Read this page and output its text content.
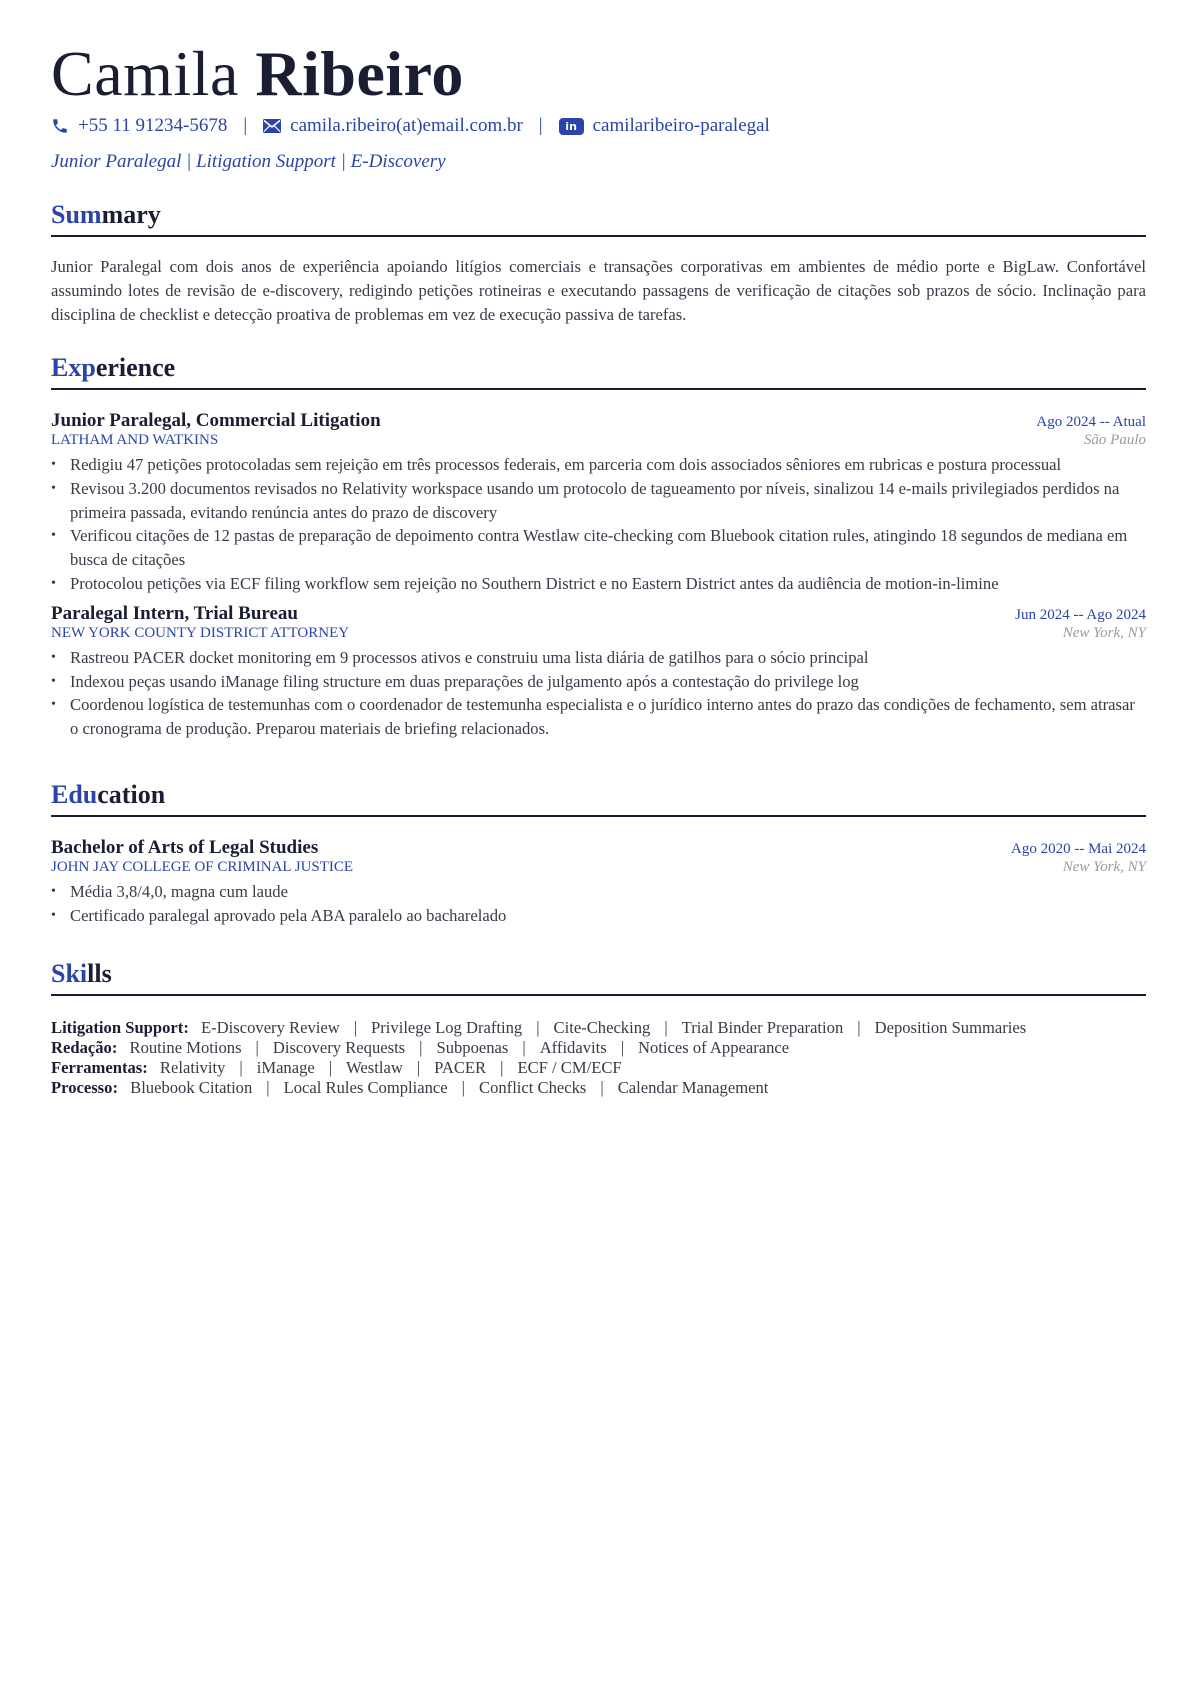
Camila Ribeiro
+55 11 91234-5678 | camila.ribeiro(at)email.com.br |	in camilaribeiro-paralegal

Junior Paralegal | Litigation Support | E-Discovery

Summary

Junior Paralegal com dois anos de experiência apoiando litígios comerciais e transações corporativas em ambientes de médio porte e BigLaw. Confortável assumindo lotes de revisão de e-discovery, redigindo petições rotineiras e executando passagens de verificação de citações sob prazos de sócio. Inclinação para disciplina de checklist e detecção proativa de problemas em vez de execução passiva de tarefas.

Experience
Junior Paralegal, Commercial Litigation	Ago 2024 -- Atual
LATHAM AND WATKINS	São Paulo
• Redigiu 47 petições protocoladas sem rejeição em três processos federais, em parceria com dois associados sêniores em rubricas e postura processual
• Revisou 3.200 documentos revisados no Relativity workspace usando um protocolo de tagueamento por níveis, sinalizou 14 e-mails privilegiados perdidos na primeira passada, evitando renúncia antes do prazo de discovery
• Verificou citações de 12 pastas de preparação de depoimento contra Westlaw cite-checking com Bluebook citation rules, atingindo 18 segundos de mediana em busca de citações
• Protocolou petições via ECF filing workflow sem rejeição no Southern District e no Eastern District antes da audiência de motion-in-limine
Paralegal Intern, Trial Bureau	Jun 2024 -- Ago 2024
NEW YORK COUNTY DISTRICT ATTORNEY	New York, NY
• Rastreou PACER docket monitoring em 9 processos ativos e construiu uma lista diária de gatilhos para o sócio principal
• Indexou peças usando iManage filing structure em duas preparações de julgamento após a contestação do privilege log
• Coordenou logística de testemunhas com o coordenador de testemunha especialista e o jurídico interno antes do prazo das condições de fechamento, sem atrasar o cronograma de produção. Preparou materiais de briefing relacionados.
Education
Bachelor of Arts of Legal Studies	Ago 2020 -- Mai 2024
JOHN JAY COLLEGE OF CRIMINAL JUSTICE	New York, NY
• Média 3,8/4,0, magna cum laude
• Certificado paralegal aprovado pela ABA paralelo ao bacharelado
Skills
Litigation Support: E-Discovery Review | Privilege Log Drafting | Cite-Checking | Trial Binder Preparation | Deposition Summaries
Redação: Routine Motions | Discovery Requests | Subpoenas | Affidavits | Notices of Appearance
Ferramentas: Relativity | iManage | Westlaw | PACER | ECF / CM/ECF
Processo: Bluebook Citation | Local Rules Compliance | Conflict Checks | Calendar Management
